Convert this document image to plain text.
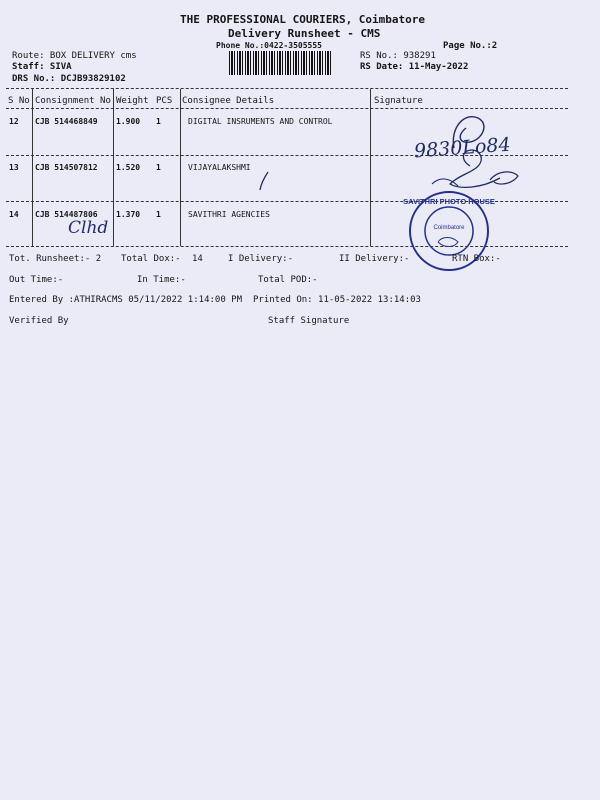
THE PROFESSIONAL COURIERS, Coimbatore
Delivery Runsheet - CMS
Phone No.:0422-3505555	Page No.:2
Route: BOX DELIVERY cms
Staff: SIVA
DRS No.: DCJB93829102
RS No.: 938291
RS Date: 11-May-2022
S No Consignment No Weight PCS Consignee Details	Signature
12 CJB 514468849 1.900 1	DIGITAL INSRUMENTS AND CONTROL
13 CJB 514507812 1.520 1	VIJAYALAKSHMI
14 CJB 514487806 1.370 1	SAVITHRI AGENCIES
Clhd
9830Lo84
SAVITHRI PHOTO HOUSE
Coimbatore
Tot. Runsheet:- 2 Total Dox:- 14	I Delivery:-	II Delivery:-	RTN Box:-
Out Time:-	In Time:-	Total POD:-
Entered By :ATHIRACMS 05/11/2022 1:14:00 PM Printed On: 11-05-2022 13:14:03
Verified By	Staff Signature
